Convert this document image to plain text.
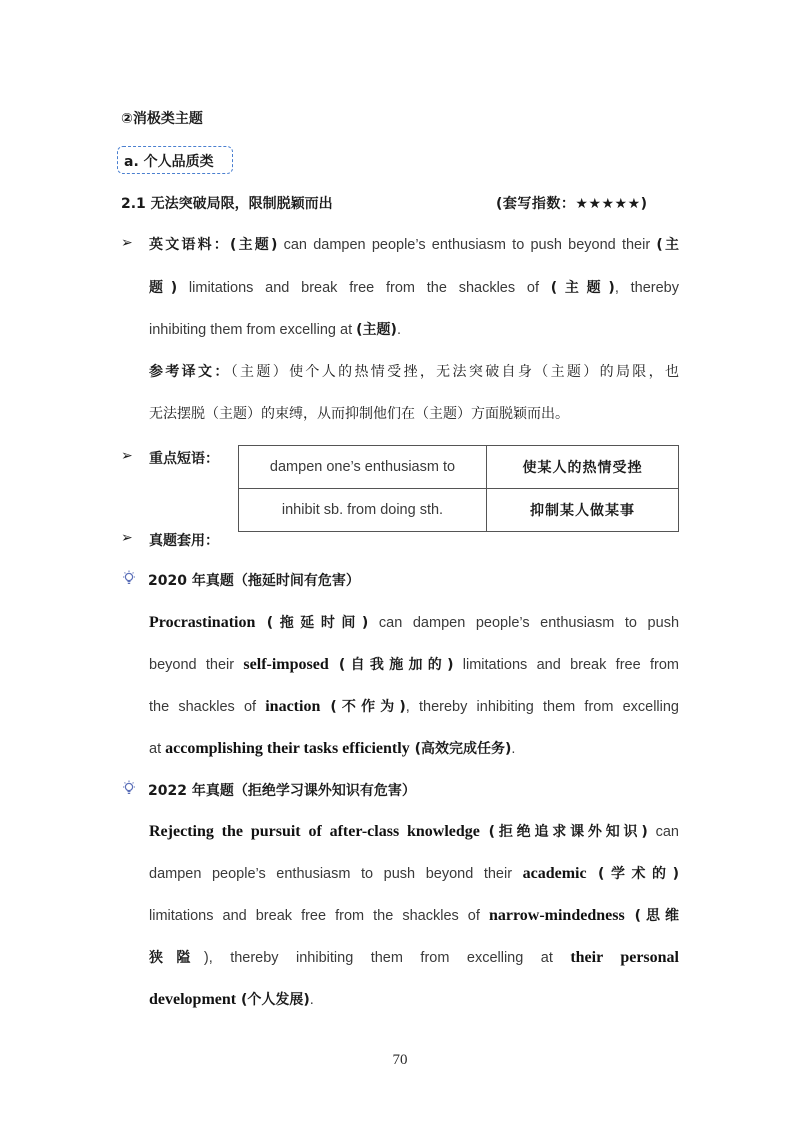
②消极类主题
a. 个人品质类
2.1 无法突破局限，限制脱颖而出	(套写指数：★★★★★)
➢ 英文语料：(主题) can dampen people’s enthusiasm to push beyond their (主
题) limitations and break free from the shackles of (主题), thereby
inhibiting them from excelling at (主题).
参考译文：（主题）使个人的热情受挫，无法突破自身（主题）的局限，也
无法摆脱（主题）的束缚，从而抑制他们在（主题）方面脱颖而出。
➢ 重点短语：	dampen one’s enthusiasm to	使某人的热情受挫
inhibit sb. from doing sth.	抑制某人做某事
➢ 真题套用：
2020 年真题（拖延时间有危害）
Procrastination (拖延时间) can dampen people’s enthusiasm to push
beyond their self-imposed (自我施加的) limitations and break free from
the shackles of inaction (不作为), thereby inhibiting them from excelling
at accomplishing their tasks efficiently (高效完成任务).
2022 年真题（拒绝学习课外知识有危害）
Rejecting the pursuit of after-class knowledge (拒绝追求课外知识) can
dampen people’s enthusiasm to push beyond their academic (学术的)
limitations and break free from the shackles of narrow-mindedness (思维
狭隘), thereby inhibiting them from excelling at their personal
development (个人发展).
70
